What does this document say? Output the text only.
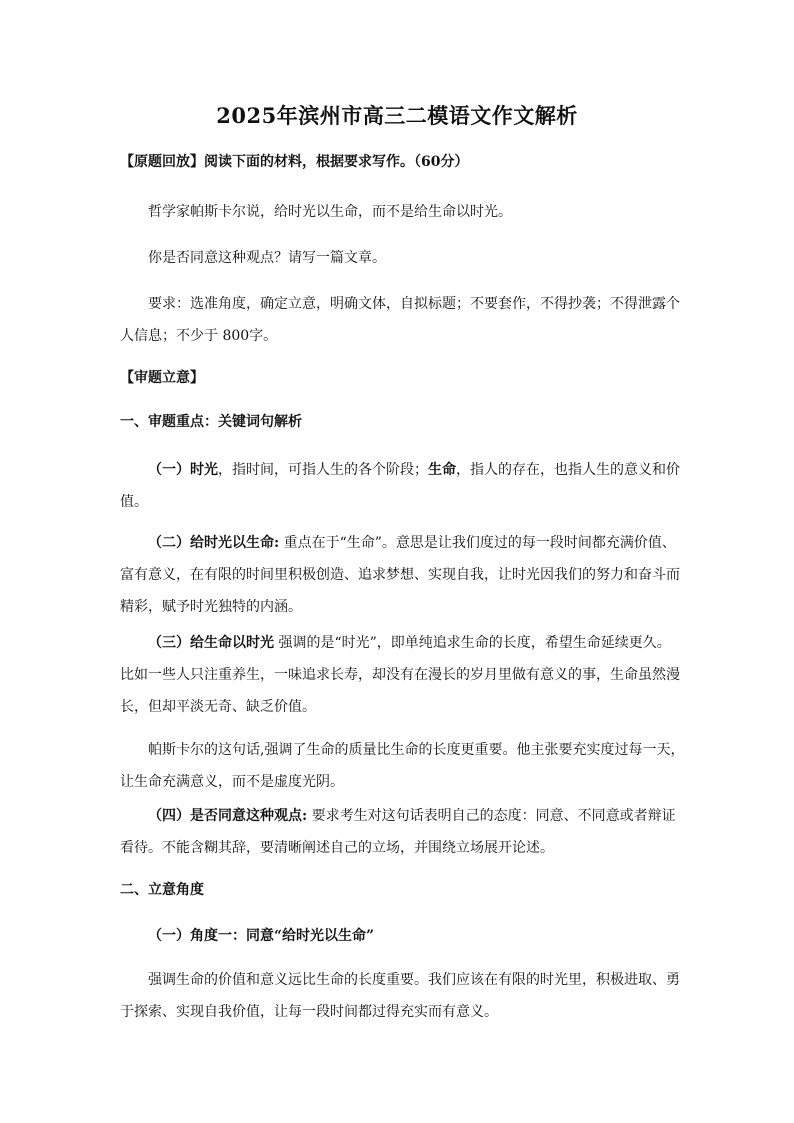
2025年滨州市高三二模语文作文解析
【原题回放】阅读下面的材料，根据要求写作。（60分）
哲学家帕斯卡尔说，给时光以生命，而不是给生命以时光。
你是否同意这种观点？请写一篇文章。
要求：选准角度，确定立意，明确文体，自拟标题；不要套作，不得抄袭；不得泄露个
人信息；不少于 800字。
【审题立意】
一、审题重点：关键词句解析
（一）时光，指时间，可指人生的各个阶段；生命，指人的存在，也指人生的意义和价
值。
（二）给时光以生命: 重点在于“生命”。意思是让我们度过的每一段时间都充满价值、
富有意义，在有限的时间里积极创造、追求梦想、实现自我，让时光因我们的努力和奋斗而
精彩，赋予时光独特的内涵。
（三）给生命以时光 强调的是“时光”，即单纯追求生命的长度，希望生命延续更久。
比如一些人只注重养生，一味追求长寿，却没有在漫长的岁月里做有意义的事，生命虽然漫
长，但却平淡无奇、缺乏价值。
帕斯卡尔的这句话,强调了生命的质量比生命的长度更重要。他主张要充实度过每一天，
让生命充满意义，而不是虚度光阴。
（四）是否同意这种观点: 要求考生对这句话表明自己的态度：同意、不同意或者辩证
看待。不能含糊其辞，要清晰阐述自己的立场，并围绕立场展开论述。
二、立意角度
（一）角度一：同意“给时光以生命”
强调生命的价值和意义远比生命的长度重要。我们应该在有限的时光里，积极进取、勇
于探索、实现自我价值，让每一段时间都过得充实而有意义。
